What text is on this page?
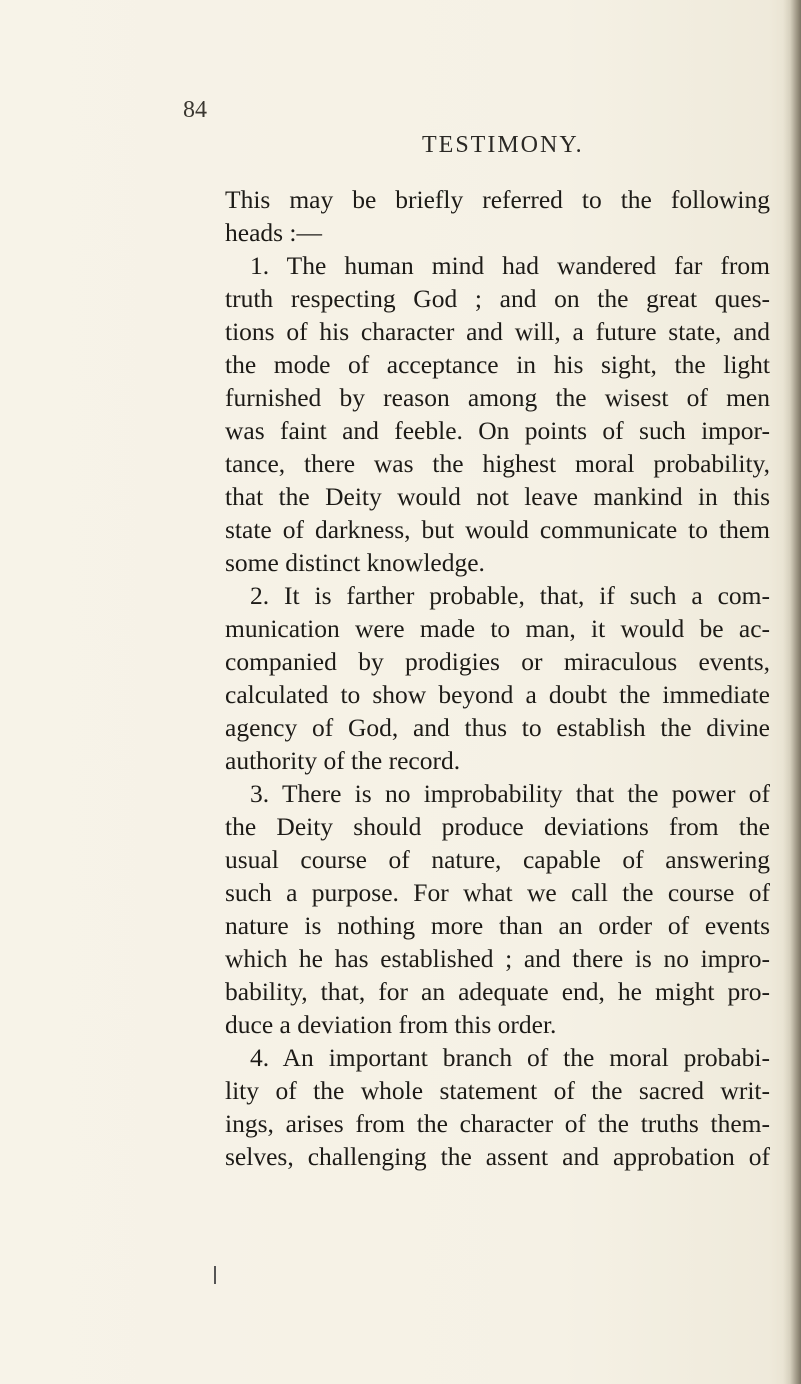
84
TESTIMONY.
This may be briefly referred to the following
heads :—
1. The human mind had wandered far from
truth respecting God ; and on the great ques-
tions of his character and will, a future state, and
the mode of acceptance in his sight, the light
furnished by reason among the wisest of men
was faint and feeble. On points of such impor-
tance, there was the highest moral probability,
that the Deity would not leave mankind in this
state of darkness, but would communicate to them
some distinct knowledge.
2. It is farther probable, that, if such a com-
munication were made to man, it would be ac-
companied by prodigies or miraculous events,
calculated to show beyond a doubt the immediate
agency of God, and thus to establish the divine
authority of the record.
3. There is no improbability that the power of
the Deity should produce deviations from the
usual course of nature, capable of answering
such a purpose. For what we call the course of
nature is nothing more than an order of events
which he has established ; and there is no impro-
bability, that, for an adequate end, he might pro-
duce a deviation from this order.
4. An important branch of the moral probabi-
lity of the whole statement of the sacred writ-
ings, arises from the character of the truths them-
selves, challenging the assent and approbation of
